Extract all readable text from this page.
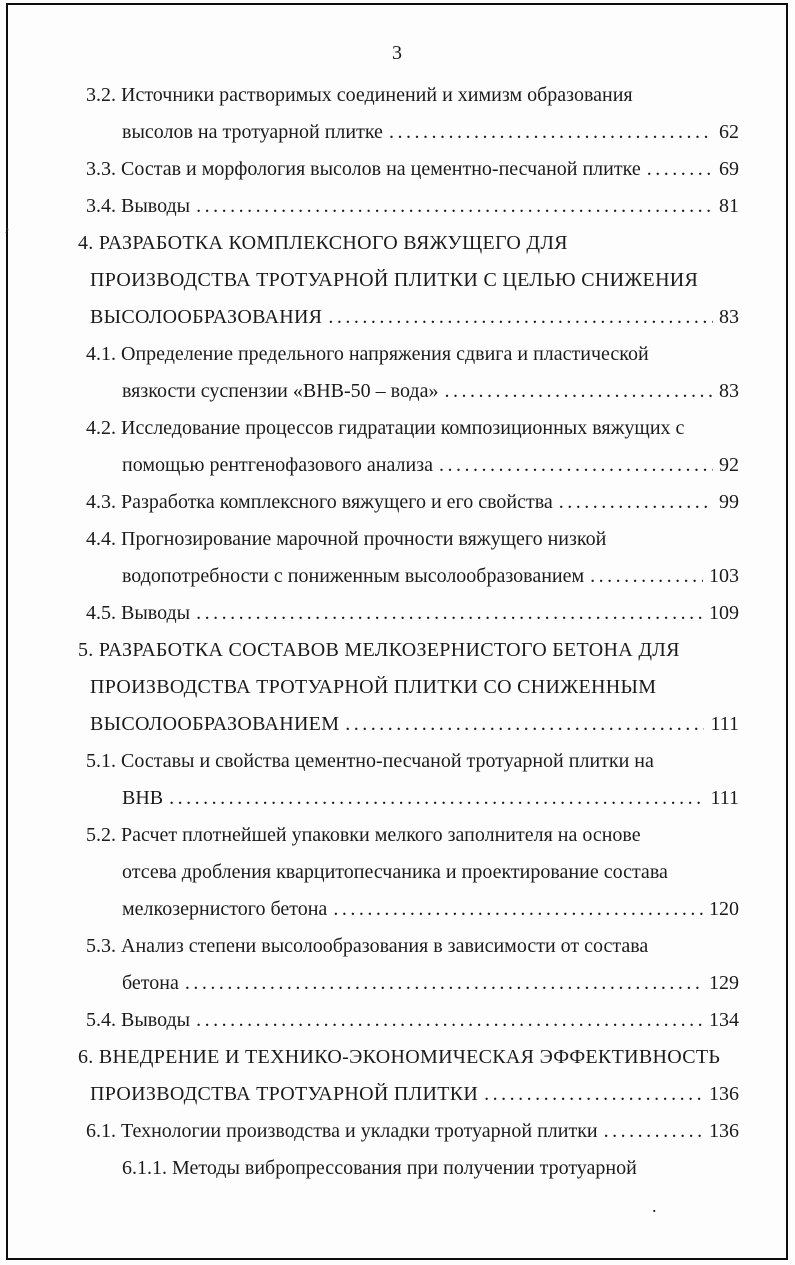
3
3.2. Источники растворимых соединений и химизм образования
высолов на тротуарной плитке .....	62
3.3. Состав и морфология высолов на цементно-песчаной плитке .....	69
3.4. Выводы .....	81
4. РАЗРАБОТКА КОМПЛЕКСНОГО ВЯЖУЩЕГО ДЛЯ
ПРОИЗВОДСТВА ТРОТУАРНОЙ ПЛИТКИ С ЦЕЛЬЮ СНИЖЕНИЯ
ВЫСОЛООБРАЗОВАНИЯ .....	83
4.1. Определение предельного напряжения сдвига и пластической
вязкости суспензии «ВНВ-50 – вода» .....	83
4.2. Исследование процессов гидратации композиционных вяжущих с
помощью рентгенофазового анализа .....	92
4.3. Разработка комплексного вяжущего и его свойства .....	99
4.4. Прогнозирование марочной прочности вяжущего низкой
водопотребности с пониженным высолообразованием .....	103
4.5. Выводы .....	109
5. РАЗРАБОТКА СОСТАВОВ МЕЛКОЗЕРНИСТОГО БЕТОНА ДЛЯ
ПРОИЗВОДСТВА ТРОТУАРНОЙ ПЛИТКИ СО СНИЖЕННЫМ
ВЫСОЛООБРАЗОВАНИЕМ .....	111
5.1. Составы и свойства цементно-песчаной тротуарной плитки на
ВНВ .....	111
5.2. Расчет плотнейшей упаковки мелкого заполнителя на основе
отсева дробления кварцитопесчаника и проектирование состава
мелкозернистого бетона .....	120
5.3. Анализ степени высолообразования в зависимости от состава
бетона .....	129
5.4. Выводы .....	134
6. ВНЕДРЕНИЕ И ТЕХНИКО-ЭКОНОМИЧЕСКАЯ ЭФФЕКТИВНОСТЬ
ПРОИЗВОДСТВА ТРОТУАРНОЙ ПЛИТКИ .....	136
6.1. Технологии производства и укладки тротуарной плитки .....	136
6.1.1. Методы вибропрессования при получении тротуарной
’
.
